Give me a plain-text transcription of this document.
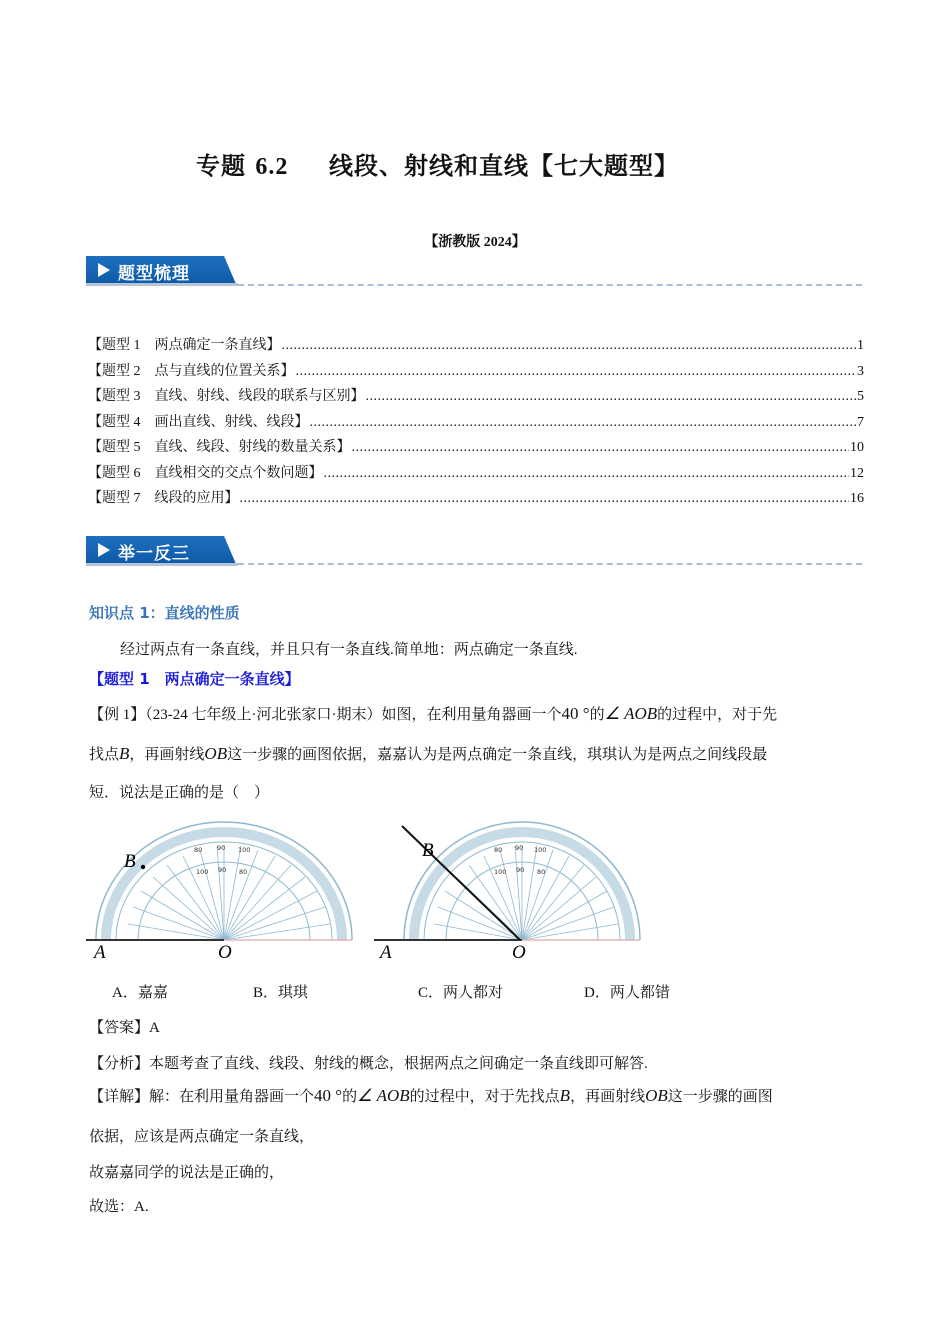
专题 6.2 线段、射线和直线【七大题型】
【浙教版 2024】
题型梳理
【题型 1　两点确定一条直线】 .....	1
【题型 2　点与直线的位置关系】 .....	3
【题型 3　直线、射线、线段的联系与区别】 .....	5
【题型 4　画出直线、射线、线段】 .....	7
【题型 5　直线、线段、射线的数量关系】 .....	10
【题型 6　直线相交的交点个数问题】 .....	12
【题型 7　线段的应用】 .....	16
举一反三
知识点 1：直线的性质
经过两点有一条直线，并且只有一条直线.简单地：两点确定一条直线.
【题型 1　两点确定一条直线】
【例 1】（23-24 七年级上·河北张家口·期末）如图，在利用量角器画一个40 °的∠ AOB的过程中，对于先
找点B，再画射线OB这一步骤的画图依据，嘉嘉认为是两点确定一条直线，琪琪认为是两点之间线段最
短．说法是正确的是（　）
B
A	O
90 100
80
90
100	80
B
A	O
90 100
80
90
100	80
A．嘉嘉	B．琪琪	C．两人都对	D．两人都错
【答案】A
【分析】本题考查了直线、线段、射线的概念，根据两点之间确定一条直线即可解答.
【详解】解：在利用量角器画一个40 °的∠ AOB的过程中，对于先找点B，再画射线OB这一步骤的画图
依据，应该是两点确定一条直线，
故嘉嘉同学的说法是正确的，
故选：A.
